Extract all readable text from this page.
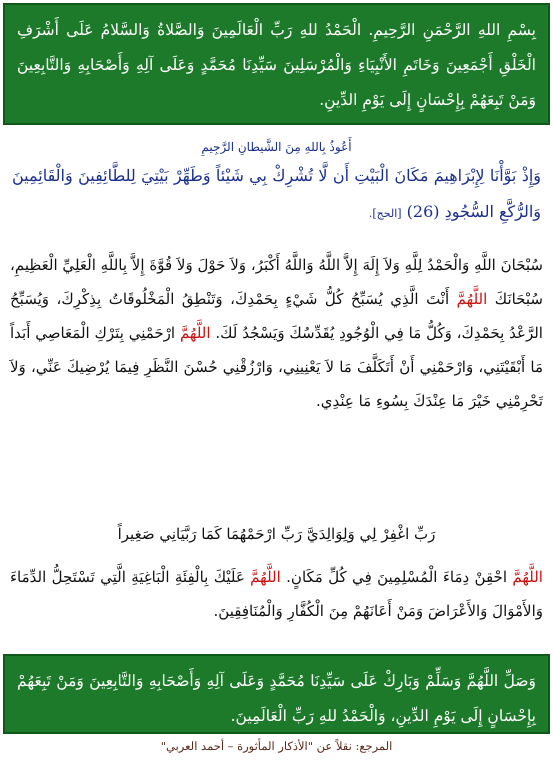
بِسْمِ اللهِ الرَّحْمَنِ الرَّحِيمِ. الْحَمْدُ للهِ رَبِّ الْعَالَمِينَ وَالصَّلاةُ وَالسَّلامُ عَلَى أَشْرَفِ الْخَلْقِ أَجْمَعِينَ وَخَاتَمِ الأَنْبِيَاءِ وَالْمُرْسَلِينَ سَيِّدِنَا مُحَمَّدٍ وَعَلَى آلِهِ وَأَصْحَابِهِ وَالتَّابِعِينَ وَمَنْ تَبِعَهُمْ بِإِحْسَانٍ إِلَى يَوْمِ الدِّينِ.

أَعُوذُ بِاللهِ مِنَ الشَّيطانِ الرَّجِيمِ

وَإِذْ بَوَّأْنَا لِإِبْرَاهِيمَ مَكَانَ الْبَيْتِ أَن لَّا تُشْرِكْ بِي شَيْئاً وَطَهِّرْ بَيْتِيَ لِلطَّائِفِينَ وَالْقَائِمِينَ وَالرُّكَّعِ السُّجُودِ (26) [الحج].

سُبْحَانَ اللَّهِ وَالْحَمْدُ لِلَّهِ وَلاَ إِلَهَ إِلاَّ اللَّهُ وَاللَّهُ أَكْبَرُ، وَلاَ حَوْلَ وَلاَ قُوَّةَ إِلاَّ بِاللَّهِ الْعَلِيِّ الْعَظِيمِ، سُبْحَانَكَ اللَّهُمَّ أَنْتَ الَّذِي يُسَبِّحُ كُلُّ شَيْءٍ بِحَمْدِكَ، وَتَنْطِقُ الْمَخْلُوقَاتُ بِذِكْرِكَ، وَيُسَبِّحُ الرَّعْدُ بِحَمْدِكَ، وَكُلُّ مَا فِي الْوُجُودِ يُقَدِّسُكَ وَيَسْجُدُ لَكَ. اللَّهُمَّ ارْحَمْنِي بِتَرْكِ الْمَعَاصِي أَبَداً مَا أَبْقَيْتَنِي، وَارْحَمْنِي أَنْ أَتَكَلَّفَ مَا لاَ يَعْنِينِي، وَارْزُقْنِي حُسْنَ النَّظَرِ فِيمَا يُرْضِيكَ عَنِّي، وَلاَ تَحْرِمْنِي خَيْرَ مَا عِنْدَكَ بِسُوءِ مَا عِنْدِي.

رَبِّ اغْفِرْ لِي وَلِوَالِدَيَّ رَبِّ ارْحَمْهُمَا كَمَا رَبَّيَانِي صَغِيراً

اللَّهُمَّ احْقِنْ دِمَاءَ الْمُسْلِمِينَ فِي كُلِّ مَكَانٍ. اللَّهُمَّ عَلَيْكَ بِالْفِئَةِ الْبَاغِيَةِ الَّتِي تَسْتَحِلُّ الدِّمَاءَ وَالأَمْوَالَ وَالأَعْرَاضَ وَمَنْ أَعَانَهُمْ مِنَ الْكُفَّارِ وَالْمُنَافِقِينَ.

وَصَلِّ اللَّهُمَّ وَسَلِّمْ وَبَارِكْ عَلَى سَيِّدِنَا مُحَمَّدٍ وَعَلَى آلِهِ وَأَصْحَابِهِ وَالتَّابِعِينَ وَمَنْ تَبِعَهُمْ بِإِحْسَانٍ إِلَى يَوْمِ الدِّينِ، وَالْحَمْدُ للهِ رَبِّ الْعَالَمِينَ.

المرجع: نقلاً عن "الأذكار المأثورة – أحمد العربي"
